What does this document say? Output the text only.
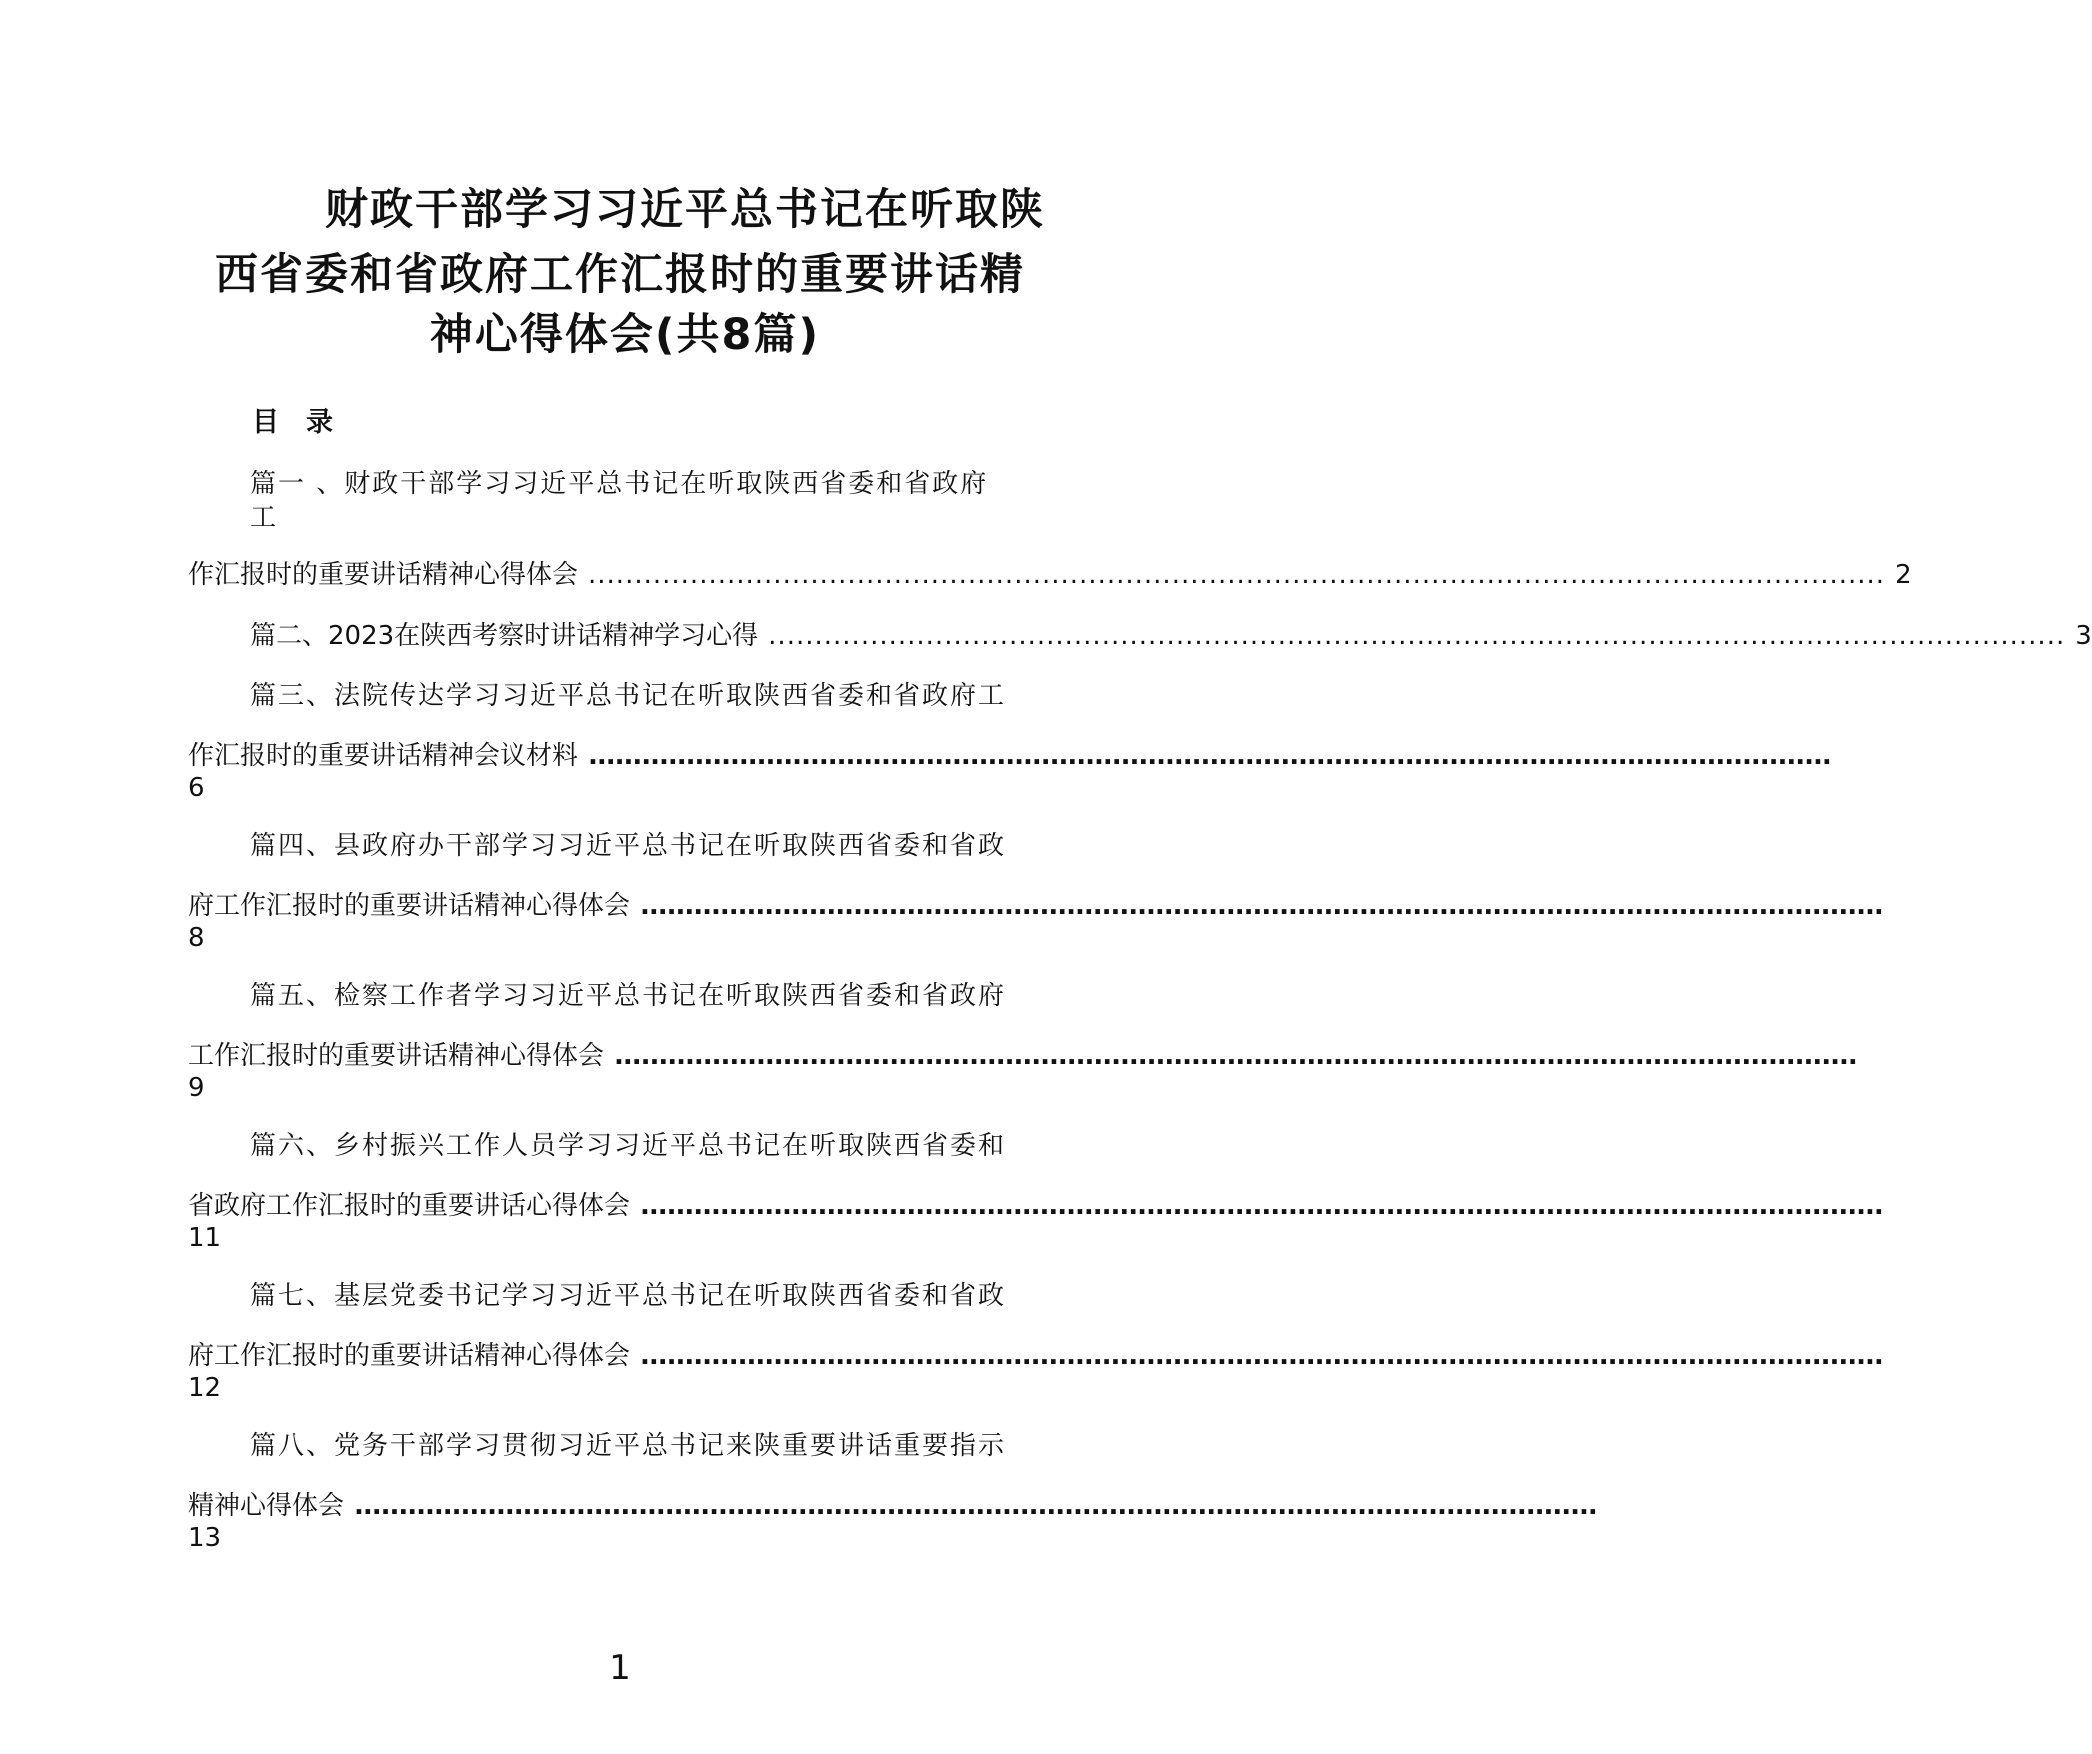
财政干部学习习近平总书记在听取陕
西省委和省政府工作汇报时的重要讲话精
神心得体会(共8篇)
目　录
篇一 、财政干部学习习近平总书记在听取陕西省委和省政府
工
作汇报时的重要讲话精神心得体会 ............................................................................................................................................ 2
篇二、2023在陕西考察时讲话精神学习心得 ............................................................................................................................................ 3
篇三、法院传达学习习近平总书记在听取陕西省委和省政府工
作汇报时的重要讲话精神会议材料 ............................................................................................................................................
6
篇四、县政府办干部学习习近平总书记在听取陕西省委和省政
府工作汇报时的重要讲话精神心得体会 ............................................................................................................................................
8
篇五、检察工作者学习习近平总书记在听取陕西省委和省政府
工作汇报时的重要讲话精神心得体会 ............................................................................................................................................
9
篇六、乡村振兴工作人员学习习近平总书记在听取陕西省委和
省政府工作汇报时的重要讲话心得体会 ............................................................................................................................................
11
篇七、基层党委书记学习习近平总书记在听取陕西省委和省政
府工作汇报时的重要讲话精神心得体会 ............................................................................................................................................
12
篇八、党务干部学习贯彻习近平总书记来陕重要讲话重要指示
精神心得体会 ............................................................................................................................................
13
1
